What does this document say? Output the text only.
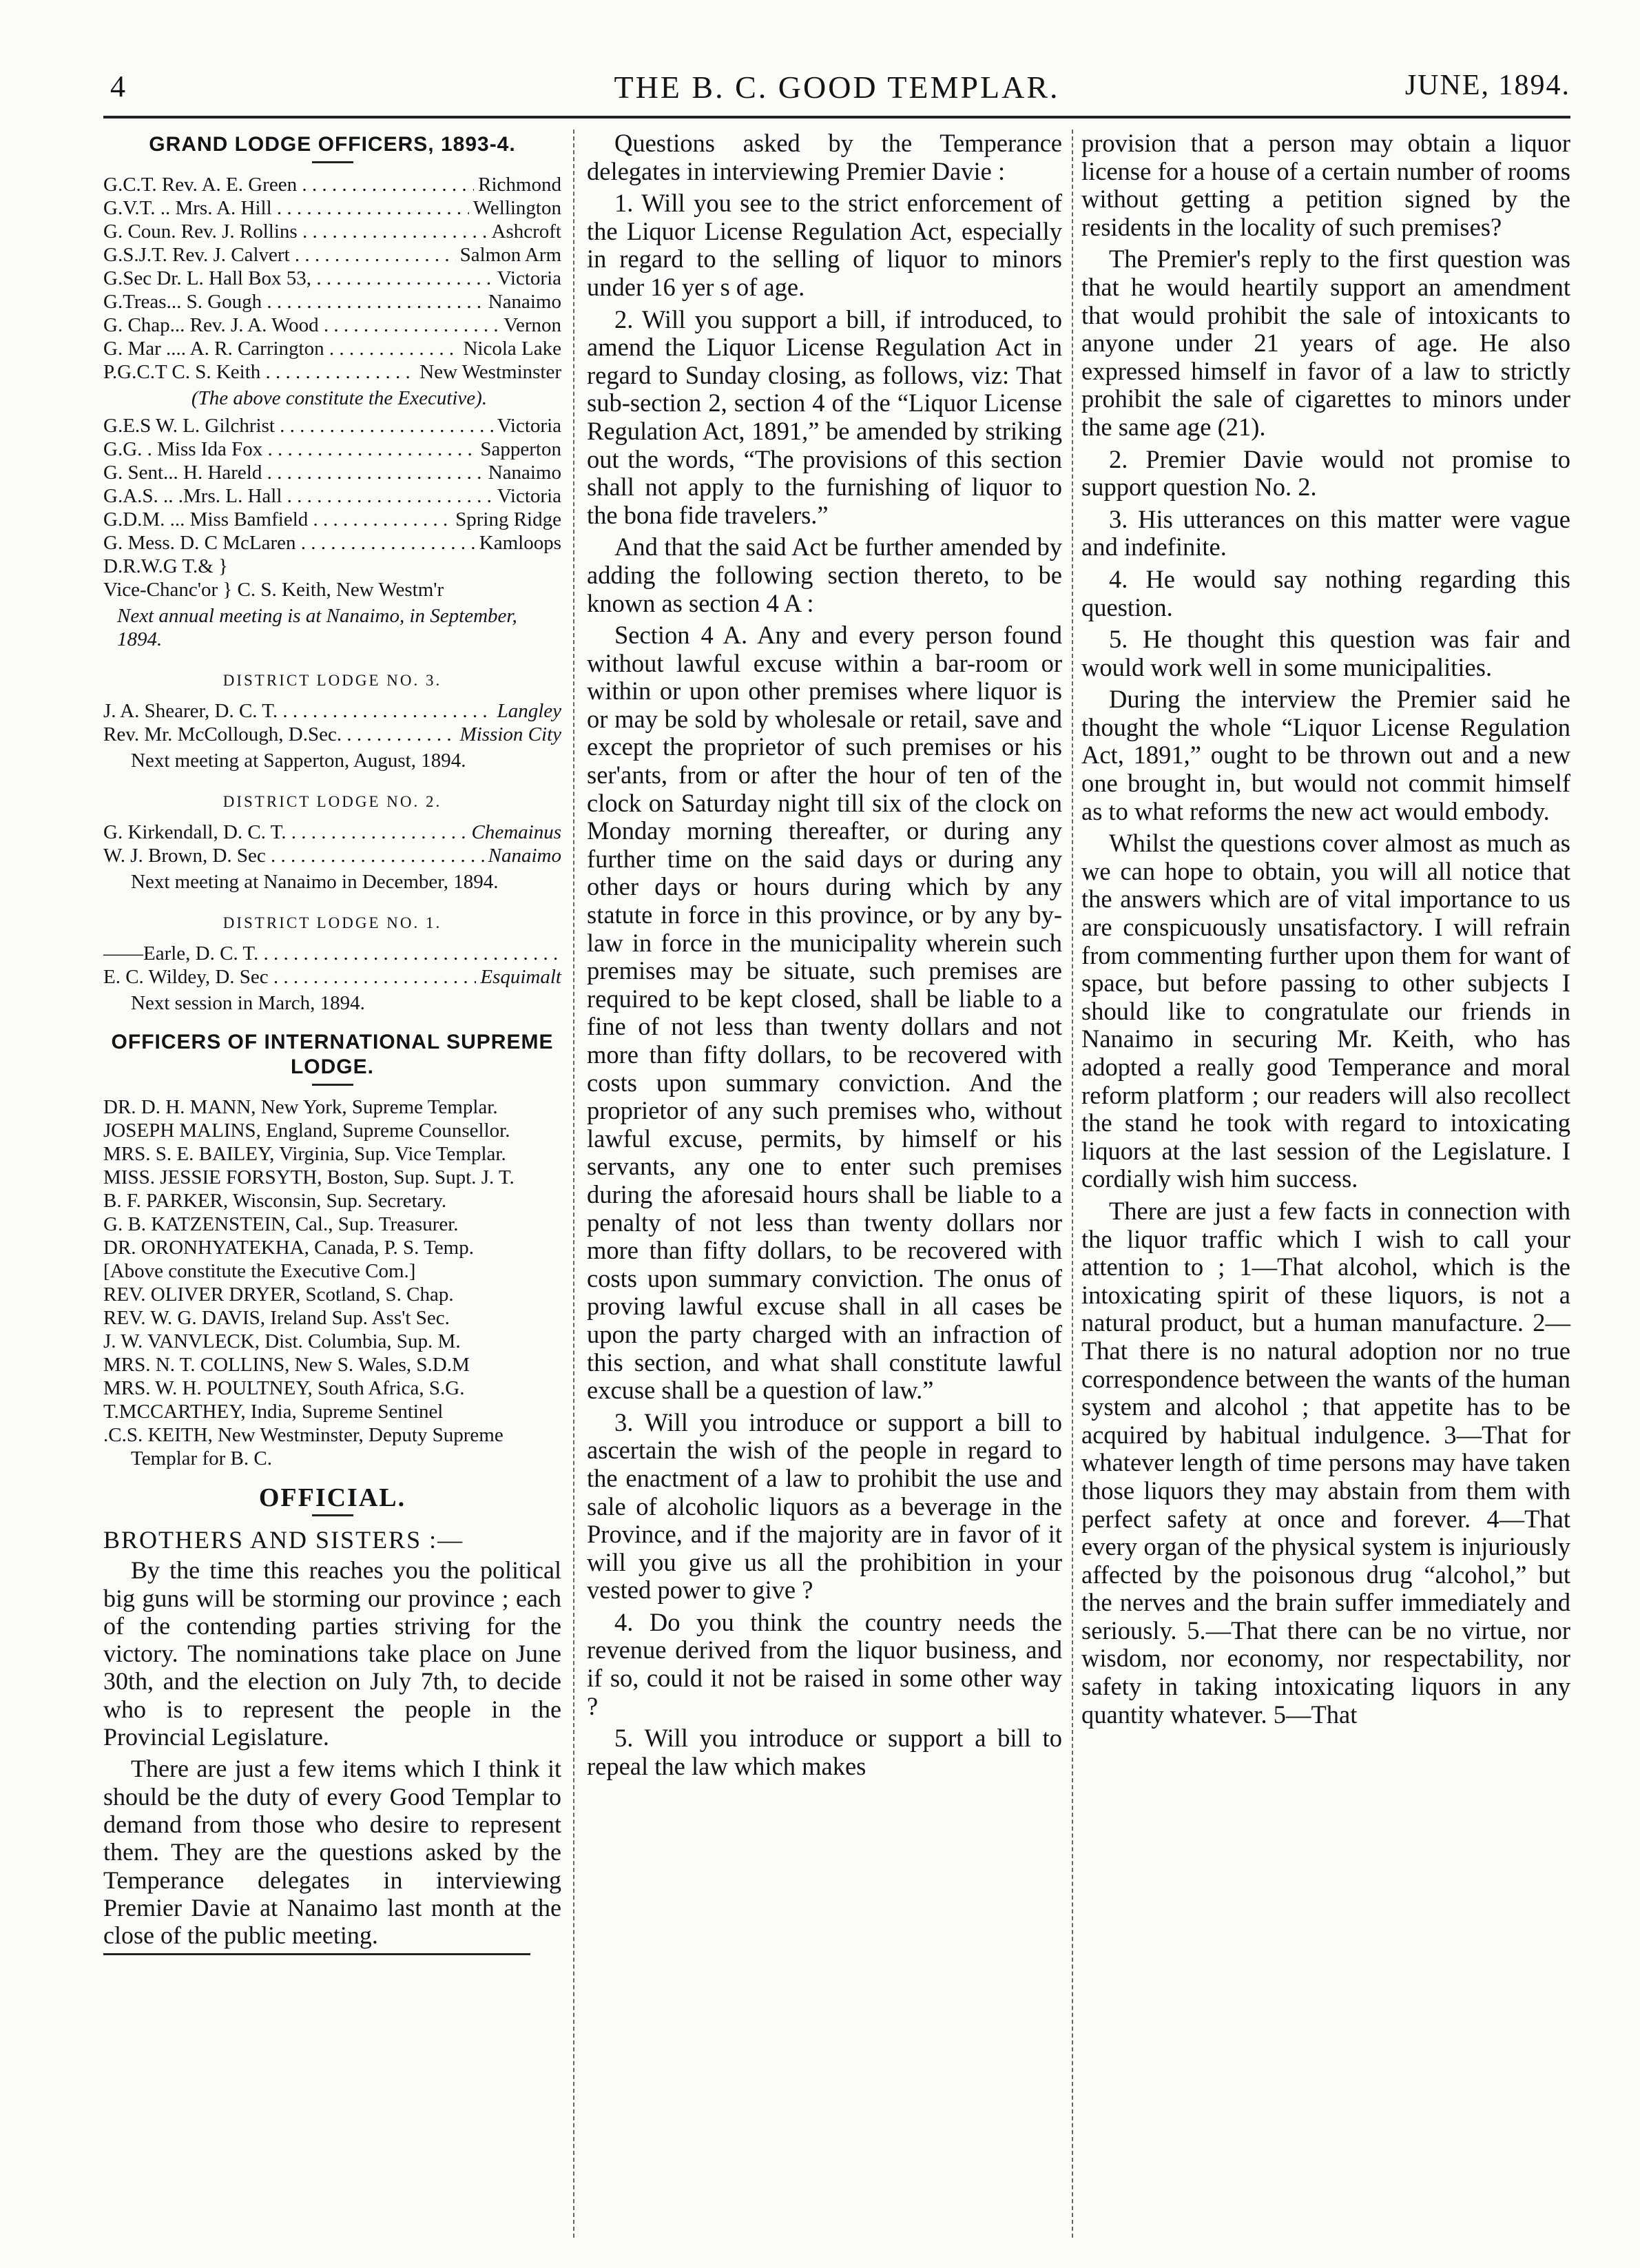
4	THE B. C. GOOD TEMPLAR.	JUNE, 1894.
GRAND LODGE OFFICERS, 1893-4.
G.C.T. Rev. A. E. Green . . .	Richmond
G.V.T. .. Mrs. A. Hill . . .	Wellington
G. Coun. Rev. J. Rollins . . .	Ashcroft
G.S.J.T. Rev. J. Calvert . . .	Salmon Arm
G.Sec Dr. L. Hall Box 53, . . .	Victoria
G.Treas... S. Gough . . .	Nanaimo
G. Chap... Rev. J. A. Wood . . .	Vernon
G. Mar .... A. R. Carrington . . .	Nicola Lake
P.G.C.T C. S. Keith . . .	New Westminster
(The above constitute the Executive).
G.E.S W. L. Gilchrist . . .	Victoria
G.G. . Miss Ida Fox . . .	Sapperton
G. Sent... H. Hareld . . .	Nanaimo
G.A.S. .. .Mrs. L. Hall . . .	Victoria
G.D.M. ... Miss Bamfield . . .	Spring Ridge
G. Mess. D. C McLaren . . .	Kamloops
D.R.W.G T.& }
Vice-Chanc'or } C. S. Keith, New Westm'r
Next annual meeting is at Nanaimo, in September, 1894.
DISTRICT LODGE NO. 3.
J. A. Shearer, D. C. T. . . .	Langley
Rev. Mr. McCollough, D.Sec. . . .	Mission City
Next meeting at Sapperton, August, 1894.
DISTRICT LODGE NO. 2.
G. Kirkendall, D. C. T. . . .	Chemainus
W. J. Brown, D. Sec . . .	Nanaimo
Next meeting at Nanaimo in December, 1894.
DISTRICT LODGE NO. 1.
——Earle, D. C. T. . . .
E. C. Wildey, D. Sec . . .	Esquimalt
Next session in March, 1894.
OFFICERS OF INTERNATIONAL SUPREME LODGE.

DR. D. H. MANN, New York, Supreme Templar.

JOSEPH MALINS, England, Supreme Counsellor.

MRS. S. E. BAILEY, Virginia, Sup. Vice Templar.

MISS. JESSIE FORSYTH, Boston, Sup. Supt. J. T.

B. F. PARKER, Wisconsin, Sup. Secretary.

G. B. KATZENSTEIN, Cal., Sup. Treasurer.

DR. ORONHYATEKHA, Canada, P. S. Temp.

[Above constitute the Executive Com.]

REV. OLIVER DRYER, Scotland, S. Chap.

REV. W. G. DAVIS, Ireland Sup. Ass't Sec.

J. W. VANVLECK, Dist. Columbia, Sup. M.

MRS. N. T. COLLINS, New S. Wales, S.D.M

MRS. W. H. POULTNEY, South Africa, S.G.

T.MCCARTHEY, India, Supreme Sentinel

.C.S. KEITH, New Westminster, Deputy Supreme Templar for B. C.

OFFICIAL.

BROTHERS AND SISTERS :—

By the time this reaches you the political big guns will be storming our province ; each of the contending parties striving for the victory. The nominations take place on June 30th, and the election on July 7th, to decide who is to represent the people in the Provincial Legislature.

There are just a few items which I think it should be the duty of every Good Templar to demand from those who desire to represent them. They are the questions asked by the Temperance delegates in interviewing Premier Davie at Nanaimo last month at the close of the public meeting.

Questions asked by the Temperance delegates in interviewing Premier Davie :

1. Will you see to the strict enforcement of the Liquor License Regulation Act, especially in regard to the selling of liquor to minors under 16 yer s of age.

2. Will you support a bill, if introduced, to amend the Liquor License Regulation Act in regard to Sunday closing, as follows, viz: That sub-section 2, section 4 of the “Liquor License Regulation Act, 1891,” be amended by striking out the words, “The provisions of this section shall not apply to the furnishing of liquor to the bona fide travelers.”

And that the said Act be further amended by adding the following section thereto, to be known as section 4 A :

Section 4 A. Any and every person found without lawful excuse within a bar-room or within or upon other premises where liquor is or may be sold by wholesale or retail, save and except the proprietor of such premises or his ser'ants, from or after the hour of ten of the clock on Saturday night till six of the clock on Monday morning thereafter, or during any further time on the said days or during any other days or hours during which by any statute in force in this province, or by any by-law in force in the municipality wherein such premises may be situate, such premises are required to be kept closed, shall be liable to a fine of not less than twenty dollars and not more than fifty dollars, to be recovered with costs upon summary conviction. And the proprietor of any such premises who, without lawful excuse, permits, by himself or his servants, any one to enter such premises during the aforesaid hours shall be liable to a penalty of not less than twenty dollars nor more than fifty dollars, to be recovered with costs upon summary conviction. The onus of proving lawful excuse shall in all cases be upon the party charged with an infraction of this section, and what shall constitute lawful excuse shall be a question of law.”

3. Will you introduce or support a bill to ascertain the wish of the people in regard to the enactment of a law to prohibit the use and sale of alcoholic liquors as a beverage in the Province, and if the majority are in favor of it will you give us all the prohibition in your vested power to give ?

4. Do you think the country needs the revenue derived from the liquor business, and if so, could it not be raised in some other way ?

5. Will you introduce or support a bill to repeal the law which makes

provision that a person may obtain a liquor license for a house of a certain number of rooms without getting a petition signed by the residents in the locality of such premises?

The Premier's reply to the first question was that he would heartily support an amendment that would prohibit the sale of intoxicants to anyone under 21 years of age. He also expressed himself in favor of a law to strictly prohibit the sale of cigarettes to minors under the same age (21).

2. Premier Davie would not promise to support question No. 2.

3. His utterances on this matter were vague and indefinite.

4. He would say nothing regarding this question.

5. He thought this question was fair and would work well in some municipalities.

During the interview the Premier said he thought the whole “Liquor License Regulation Act, 1891,” ought to be thrown out and a new one brought in, but would not commit himself as to what reforms the new act would embody.

Whilst the questions cover almost as much as we can hope to obtain, you will all notice that the answers which are of vital importance to us are conspicuously unsatisfactory. I will refrain from commenting further upon them for want of space, but before passing to other subjects I should like to congratulate our friends in Nanaimo in securing Mr. Keith, who has adopted a really good Temperance and moral reform platform ; our readers will also recollect the stand he took with regard to intoxicating liquors at the last session of the Legislature. I cordially wish him success.

There are just a few facts in connection with the liquor traffic which I wish to call your attention to ; 1—That alcohol, which is the intoxicating spirit of these liquors, is not a natural product, but a human manufacture. 2—That there is no natural adoption nor no true correspondence between the wants of the human system and alcohol ; that appetite has to be acquired by habitual indulgence. 3—That for whatever length of time persons may have taken those liquors they may abstain from them with perfect safety at once and forever. 4—That every organ of the physical system is injuriously affected by the poisonous drug “alcohol,” but the nerves and the brain suffer immediately and seriously. 5.—That there can be no virtue, nor wisdom, nor economy, nor respectability, nor safety in taking intoxicating liquors in any quantity whatever. 5—That
